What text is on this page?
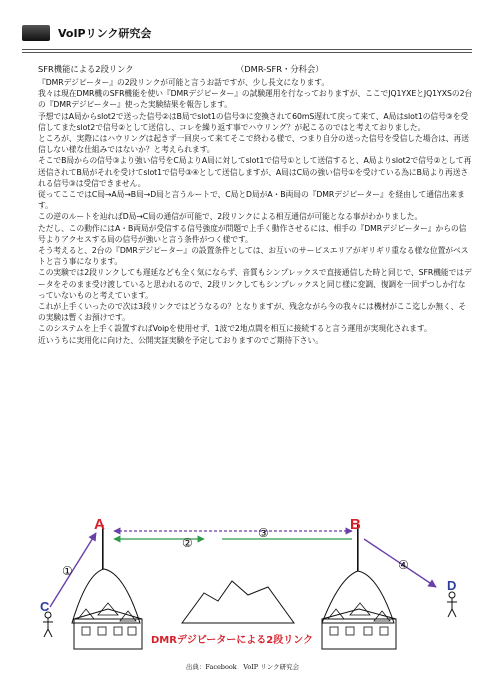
VoIPリンク研究会
SFR機能による2段リンク	（DMR-SFR・分科会）
『DMRデジピーター』の2段リンクが可能と言うお話ですが、少し長文になります。
我々は現在DMR機のSFR機能を使い『DMRデジピーター』の試験運用を行なっておりますが、ここでJQ1YXEとJQ1YXSの2台の『DMRデジピーター』使った実験結果を報告します。
予想ではA局からslot2で送った信号②はB局でslot1の信号③に変換されて60mS遅れて戻って来て、A局はslot1の信号③を受信してまたslot2で信号②として送信し、コレを繰り返す事でハウリング？が起こるのではと考えておりました。
ところが、実際にはハウリングは起きず一回戻って来てそこで終わる様で、つまり自分の送った信号を受信した場合は、再送信しない様な仕組みではないか？と考えられます。
そこでB局からの信号③より強い信号をC局よりA局に対してslot1で信号①として送信すると、A局よりslot2で信号②として再送信されてB局がそれを受けてslot1で信号③④として送信しますが、A局はC局の強い信号①を受けている為にB局より再送される信号③は受信できません。
従ってここではC局→A局→B局→D局と言うルートで、C局とD局がA・B両局の『DMRデジピーター』を経由して通信出来ます。
この逆のルートを辿ればD局→C局の通信が可能で、2段リンクによる相互通信が可能となる事がわかりました。
ただし、この動作にはA・B両局が受信する信号強度が問題で上手く動作させるには、相手の『DMRデジピーター』からの信号よりアクセスする局の信号が強いと言う条件がつく様です。
そう考えると、2台の『DMRデジピーター』の設置条件としては、お互いのサービスエリアがギリギリ重なる様な位置がベストと言う事になります。
この実験では2段リンクしても遅延なども全く気にならず、音質もシンプレックスで直接通信した時と同じで、SFR機能ではデータをそのまま受け渡していると思われるので、2段リンクしてもシンプレックスと同じ様に変調、復調を一回ずつしか行なっていないものと考えています。
これが上手くいったので次は3段リンクではどうなるの？となりますが、残念ながら今の我々には機材がここ迄しか無く、その実験は暫くお預けです。
このシステムを上手く設置すればVoipを使用せず、1波で2地点間を相互に接続すると言う運用が実現化されます。
近いうちに実用化に向けた、公開実証実験を予定しておりますのでご期待下さい。
A	B
C
D
①
②
③
④
DMRデジピーターによる2段リンク
出典：Facebook　VoIP リンク研究会
